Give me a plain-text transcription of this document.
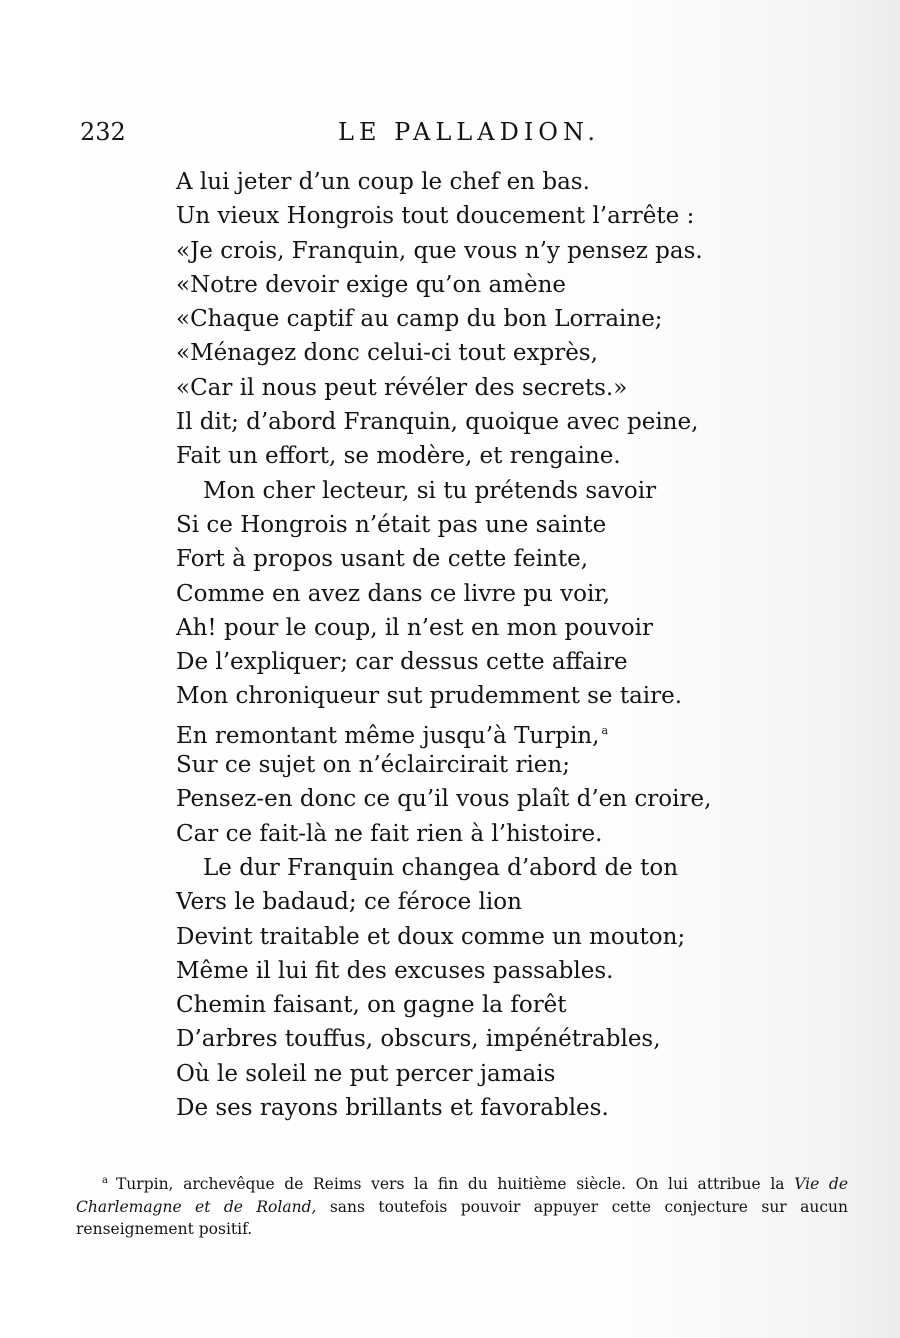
232	LE PALLADION.
A lui jeter d’un coup le chef en bas.
Un vieux Hongrois tout doucement l’arrête :
«Je crois, Franquin, que vous n’y pensez pas.
«Notre devoir exige qu’on amène
«Chaque captif au camp du bon Lorraine;
«Ménagez donc celui-ci tout exprès,
«Car il nous peut révéler des secrets.»
Il dit; d’abord Franquin, quoique avec peine,
Fait un effort, se modère, et rengaine.
Mon cher lecteur, si tu prétends savoir
Si ce Hongrois n’était pas une sainte
Fort à propos usant de cette feinte,
Comme en avez dans ce livre pu voir,
Ah! pour le coup, il n’est en mon pouvoir
De l’expliquer; car dessus cette affaire
Mon chroniqueur sut prudemment se taire.
En remontant même jusqu’à Turpin, $^a$
Sur ce sujet on n’éclaircirait rien;
Pensez-en donc ce qu’il vous plaît d’en croire,
Car ce fait-là ne fait rien à l’histoire.
Le dur Franquin changea d’abord de ton
Vers le badaud; ce féroce lion
Devint traitable et doux comme un mouton;
Même il lui fit des excuses passables.
Chemin faisant, on gagne la forêt
D’arbres touffus, obscurs, impénétrables,
Où le soleil ne put percer jamais
De ses rayons brillants et favorables.
$^a$ Turpin, archevêque de Reims vers la fin du huitième siècle. On lui attribue la Vie de Charlemagne et de Roland, sans toutefois pouvoir appuyer cette conjecture sur aucun renseignement positif.
